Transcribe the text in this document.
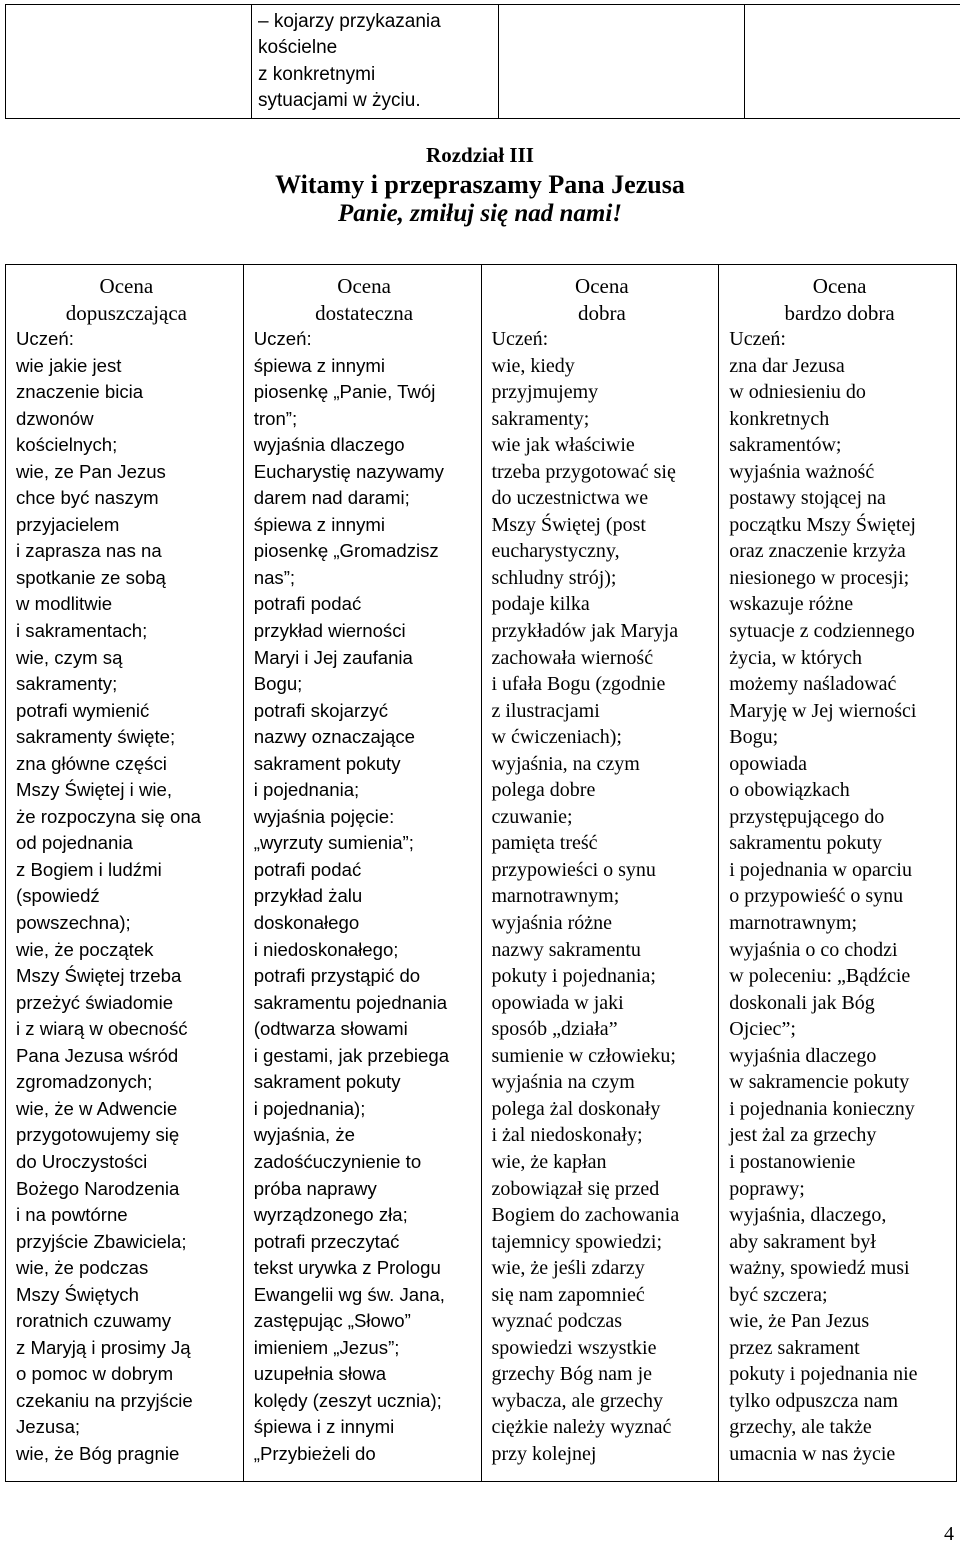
– kojarzy przykazania
kościelne
z konkretnymi
sytuacjami w życiu.

Rozdział III
Witamy i przepraszamy Pana Jezusa
Panie, zmiłuj się nad nami!
Ocena
dopuszczająca
Uczeń:
wie jakie jest
znaczenie bicia
dzwonów
kościelnych;
wie, ze Pan Jezus
chce być naszym
przyjacielem
i zaprasza nas na
spotkanie ze sobą
w modlitwie
i sakramentach;
wie, czym są
sakramenty;
potrafi wymienić
sakramenty święte;
zna główne części
Mszy Świętej i wie,
że rozpoczyna się ona
od pojednania
z Bogiem i ludźmi
(spowiedź
powszechna);
wie, że początek
Mszy Świętej trzeba
przeżyć świadomie
i z wiarą w obecność
Pana Jezusa wśród
zgromadzonych;
wie, że w Adwencie
przygotowujemy się
do Uroczystości
Bożego Narodzenia
i na powtórne
przyjście Zbawiciela;
wie, że podczas
Mszy Świętych
roratnich czuwamy
z Maryją i prosimy Ją
o pomoc w dobrym
czekaniu na przyjście
Jezusa;
wie, że Bóg pragnie

Ocena
dostateczna
Uczeń:
śpiewa z innymi
piosenkę „Panie, Twój
tron”;
wyjaśnia dlaczego
Eucharystię nazywamy
darem nad darami;
śpiewa z innymi
piosenkę „Gromadzisz
nas”;
potrafi podać
przykład wierności
Maryi i Jej zaufania
Bogu;
potrafi skojarzyć
nazwy oznaczające
sakrament pokuty
i pojednania;
wyjaśnia pojęcie:
„wyrzuty sumienia”;
potrafi podać
przykład żalu
doskonałego
i niedoskonałego;
potrafi przystąpić do
sakramentu pojednania
(odtwarza słowami
i gestami, jak przebiega
sakrament pokuty
i pojednania);
wyjaśnia, że
zadośćuczynienie to
próba naprawy
wyrządzonego zła;
potrafi przeczytać
tekst urywka z Prologu
Ewangelii wg św. Jana,
zastępując „Słowo”
imieniem „Jezus”;
uzupełnia słowa
kolędy (zeszyt ucznia);
śpiewa i z innymi
„Przybieżeli do

Ocena
dobra
Uczeń:
wie, kiedy
przyjmujemy
sakramenty;
wie jak właściwie
trzeba przygotować się
do uczestnictwa we
Mszy Świętej (post
eucharystyczny,
schludny strój);
podaje kilka
przykładów jak Maryja
zachowała wierność
i ufała Bogu (zgodnie
z ilustracjami
w ćwiczeniach);
wyjaśnia, na czym
polega dobre
czuwanie;
pamięta treść
przypowieści o synu
marnotrawnym;
wyjaśnia różne
nazwy sakramentu
pokuty i pojednania;
opowiada w jaki
sposób „działa”
sumienie w człowieku;
wyjaśnia na czym
polega żal doskonały
i żal niedoskonały;
wie, że kapłan
zobowiązał się przed
Bogiem do zachowania
tajemnicy spowiedzi;
wie, że jeśli zdarzy
się nam zapomnieć
wyznać podczas
spowiedzi wszystkie
grzechy Bóg nam je
wybacza, ale grzechy
ciężkie należy wyznać
przy kolejnej

Ocena
bardzo dobra
Uczeń:
zna dar Jezusa
w odniesieniu do
konkretnych
sakramentów;
wyjaśnia ważność
postawy stojącej na
początku Mszy Świętej
oraz znaczenie krzyża
niesionego w procesji;
wskazuje różne
sytuacje z codziennego
życia, w których
możemy naśladować
Maryję w Jej wierności
Bogu;
opowiada
o obowiązkach
przystępującego do
sakramentu pokuty
i pojednania w oparciu
o przypowieść o synu
marnotrawnym;
wyjaśnia o co chodzi
w poleceniu: „Bądźcie
doskonali jak Bóg
Ojciec”;
wyjaśnia dlaczego
w sakramencie pokuty
i pojednania konieczny
jest żal za grzechy
i postanowienie
poprawy;
wyjaśnia, dlaczego,
aby sakrament był
ważny, spowiedź musi
być szczera;
wie, że Pan Jezus
przez sakrament
pokuty i pojednania nie
tylko odpuszcza nam
grzechy, ale także
umacnia w nas życie
4
